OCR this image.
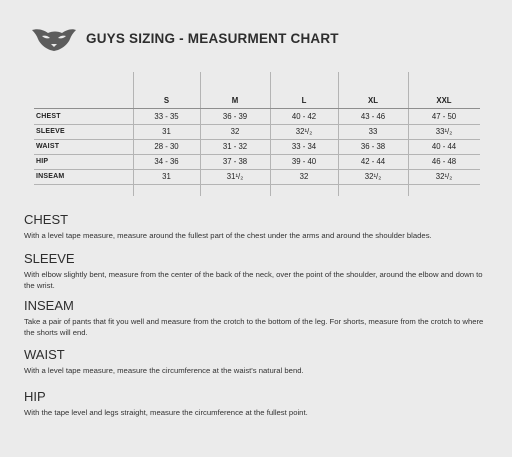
GUYS SIZING - MEASURMENT CHART
S	M	L	XL	XXL
CHEST	33 - 35	36 - 39	40 - 42	43 - 46	47 - 50
SLEEVE	31	32	32¹/₂	33	33¹/₂
WAIST	28 - 30	31 - 32	33 - 34	36 - 38	40 - 44
HIP	34 - 36	37 - 38	39 - 40	42 - 44	46 - 48
INSEAM	31	31¹/₂	32	32¹/₂	32¹/₂
CHEST
With a level tape measure, measure around the fullest part of the chest under the arms and around the shoulder blades.
SLEEVE
With elbow slightly bent, measure from the center of the back of the neck, over the point of the shoulder, around the elbow and down to the wrist.
INSEAM
Take a pair of pants that fit you well and measure from the crotch to the bottom of the leg. For shorts, measure from the crotch to where the shorts will end.
WAIST
With a level tape measure, measure the circumference at the waist's natural bend.
HIP
With the tape level and legs straight, measure the circumference at the fullest point.
